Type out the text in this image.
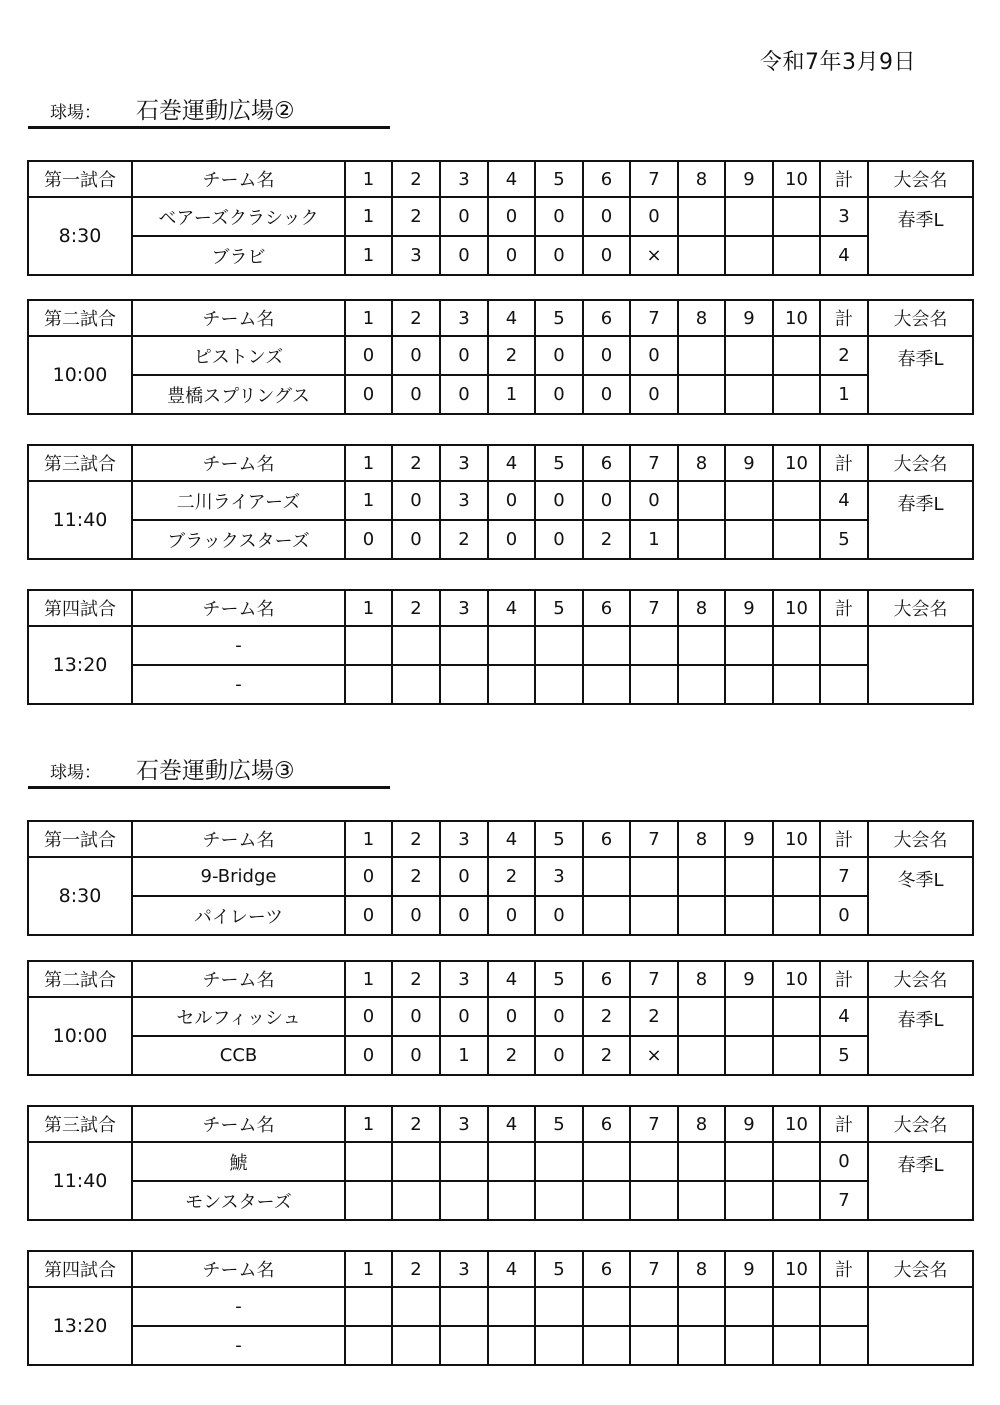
令和7年3月9日
球場： 石巻運動広場②
第一試合	チーム名	1	2	3	4	5	6	7	8	9	10	計	大会名
8:30	ベアーズクラシック	1	2	0	0	0	0	0				3	春季L
	ブラビ	1	3	0	0	0	0	×				4	
第二試合	チーム名	1	2	3	4	5	6	7	8	9	10	計	大会名
10:00	ピストンズ	0	0	0	2	0	0	0				2	春季L
	豊橋スプリングス	0	0	0	1	0	0	0				1	
第三試合	チーム名	1	2	3	4	5	6	7	8	9	10	計	大会名
11:40	二川ライアーズ	1	0	3	0	0	0	0				4	春季L
	ブラックスターズ	0	0	2	0	0	2	1				5	
第四試合	チーム名	1	2	3	4	5	6	7	8	9	10	計	大会名
13:20	-												
	-												
球場： 石巻運動広場③
第一試合	チーム名	1	2	3	4	5	6	7	8	9	10	計	大会名
8:30	9-Bridge	0	2	0	2	3						7	冬季L
	パイレーツ	0	0	0	0	0						0	
第二試合	チーム名	1	2	3	4	5	6	7	8	9	10	計	大会名
10:00	セルフィッシュ	0	0	0	0	0	2	2				4	春季L
	CCB	0	0	1	2	0	2	×				5	
第三試合	チーム名	1	2	3	4	5	6	7	8	9	10	計	大会名
11:40	鯱											0	春季L
	モンスターズ											7	
第四試合	チーム名	1	2	3	4	5	6	7	8	9	10	計	大会名
13:20	-												
	-												
